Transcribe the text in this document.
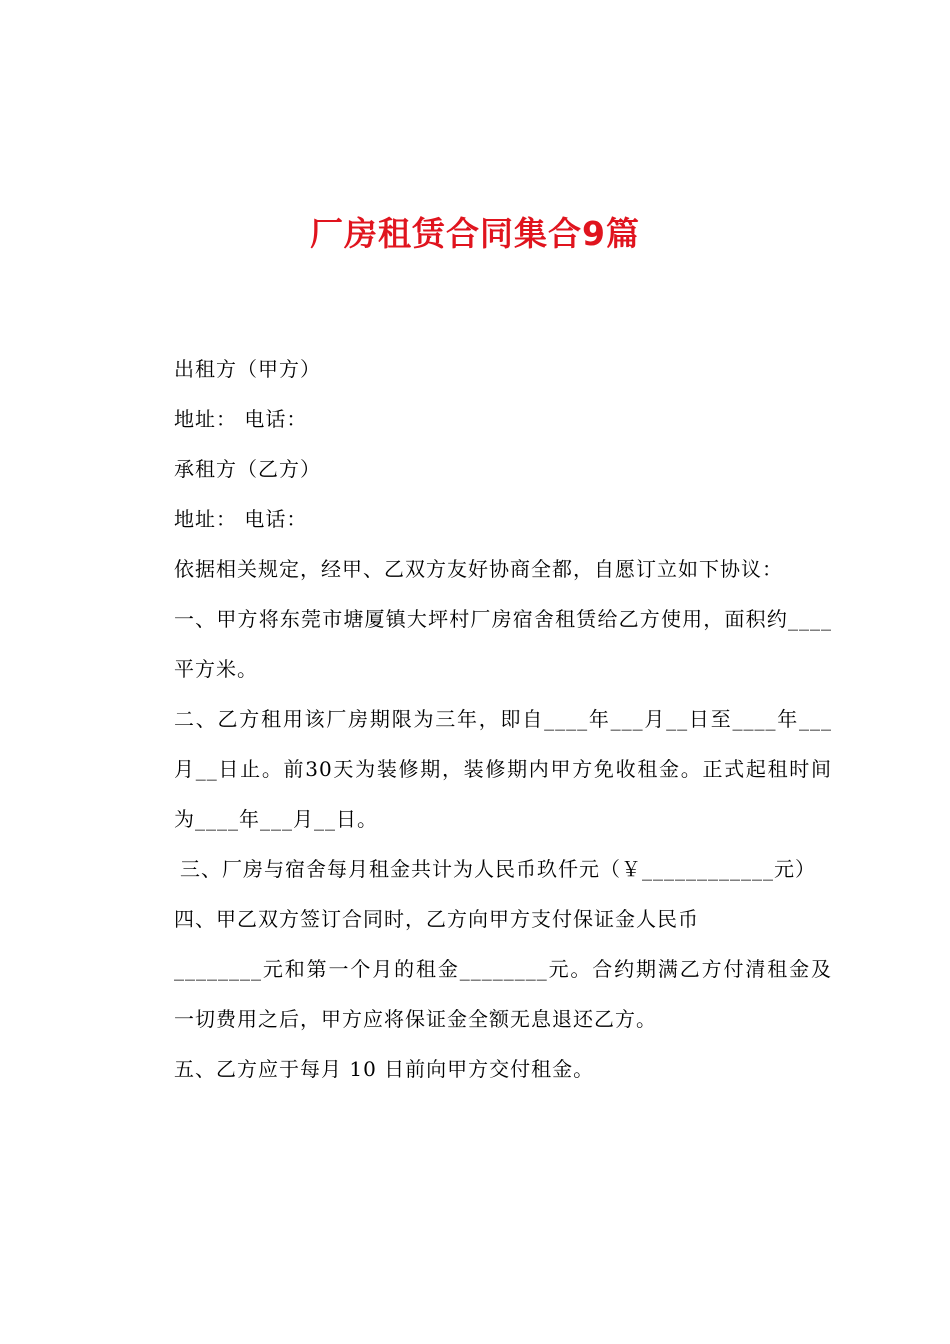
厂房租赁合同集合9篇

出租方（甲方）

地址： 电话：

承租方（乙方）

地址： 电话：

依据相关规定，经甲、乙双方友好协商全都，自愿订立如下协议：

一、甲方将东莞市塘厦镇大坪村厂房宿舍租赁给乙方使用，面积约____平方米。

二、乙方租用该厂房期限为三年，即自____年___月__日至____年___月__日止。前30天为装修期，装修期内甲方免收租金。正式起租时间为____年___月__日。

三、厂房与宿舍每月租金共计为人民币玖仟元（￥____________元）

四、甲乙双方签订合同时，乙方向甲方支付保证金人民币

________元和第一个月的租金________元。合约期满乙方付清租金及一切费用之后，甲方应将保证金全额无息退还乙方。

五、乙方应于每月 10 日前向甲方交付租金。
